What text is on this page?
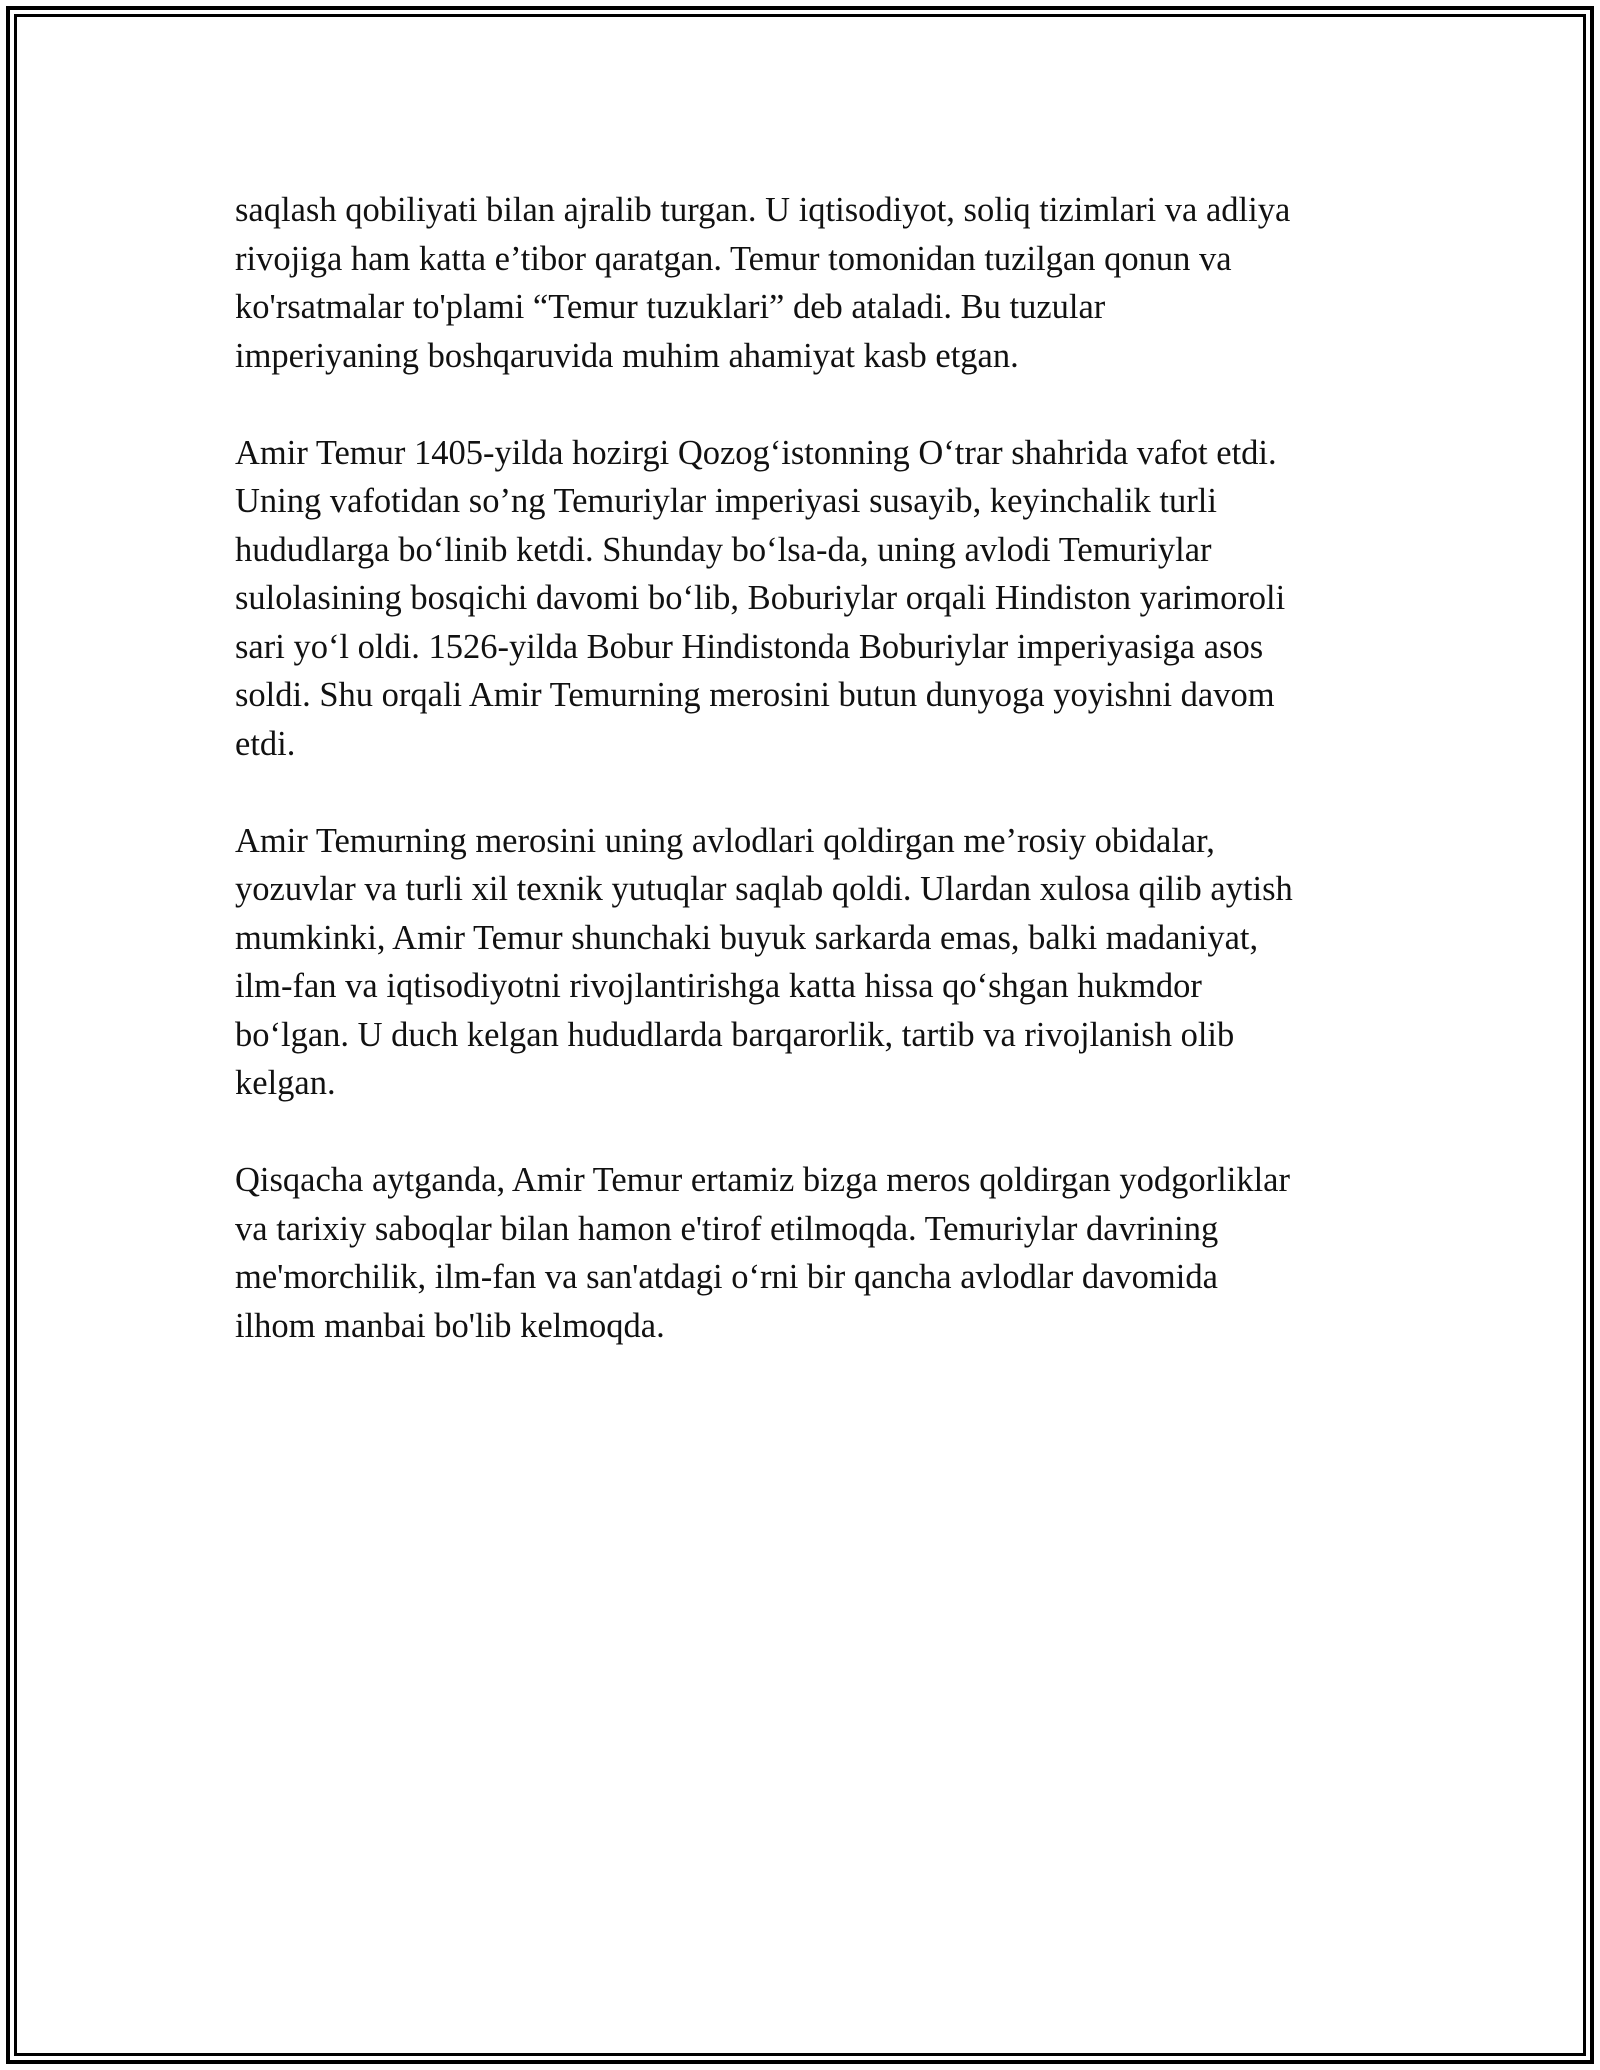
saqlash qobiliyati bilan ajralib turgan. U iqtisodiyot, soliq tizimlari va adliya
rivojiga ham katta e’tibor qaratgan. Temur tomonidan tuzilgan qonun va
ko'rsatmalar to'plami “Temur tuzuklari” deb ataladi. Bu tuzular
imperiyaning boshqaruvida muhim ahamiyat kasb etgan.

Amir Temur 1405-yilda hozirgi Qozog‘istonning O‘trar shahrida vafot etdi.
Uning vafotidan so’ng Temuriylar imperiyasi susayib, keyinchalik turli
hududlarga bo‘linib ketdi. Shunday bo‘lsa-da, uning avlodi Temuriylar
sulolasining bosqichi davomi bo‘lib, Boburiylar orqali Hindiston yarimoroli
sari yo‘l oldi. 1526-yilda Bobur Hindistonda Boburiylar imperiyasiga asos
soldi. Shu orqali Amir Temurning merosini butun dunyoga yoyishni davom
etdi.

Amir Temurning merosini uning avlodlari qoldirgan me’rosiy obidalar,
yozuvlar va turli xil texnik yutuqlar saqlab qoldi. Ulardan xulosa qilib aytish
mumkinki, Amir Temur shunchaki buyuk sarkarda emas, balki madaniyat,
ilm-fan va iqtisodiyotni rivojlantirishga katta hissa qo‘shgan hukmdor
bo‘lgan. U duch kelgan hududlarda barqarorlik, tartib va rivojlanish olib
kelgan.

Qisqacha aytganda, Amir Temur ertamiz bizga meros qoldirgan yodgorliklar
va tarixiy saboqlar bilan hamon e'tirof etilmoqda. Temuriylar davrining
me'morchilik, ilm-fan va san'atdagi o‘rni bir qancha avlodlar davomida
ilhom manbai bo'lib kelmoqda.
